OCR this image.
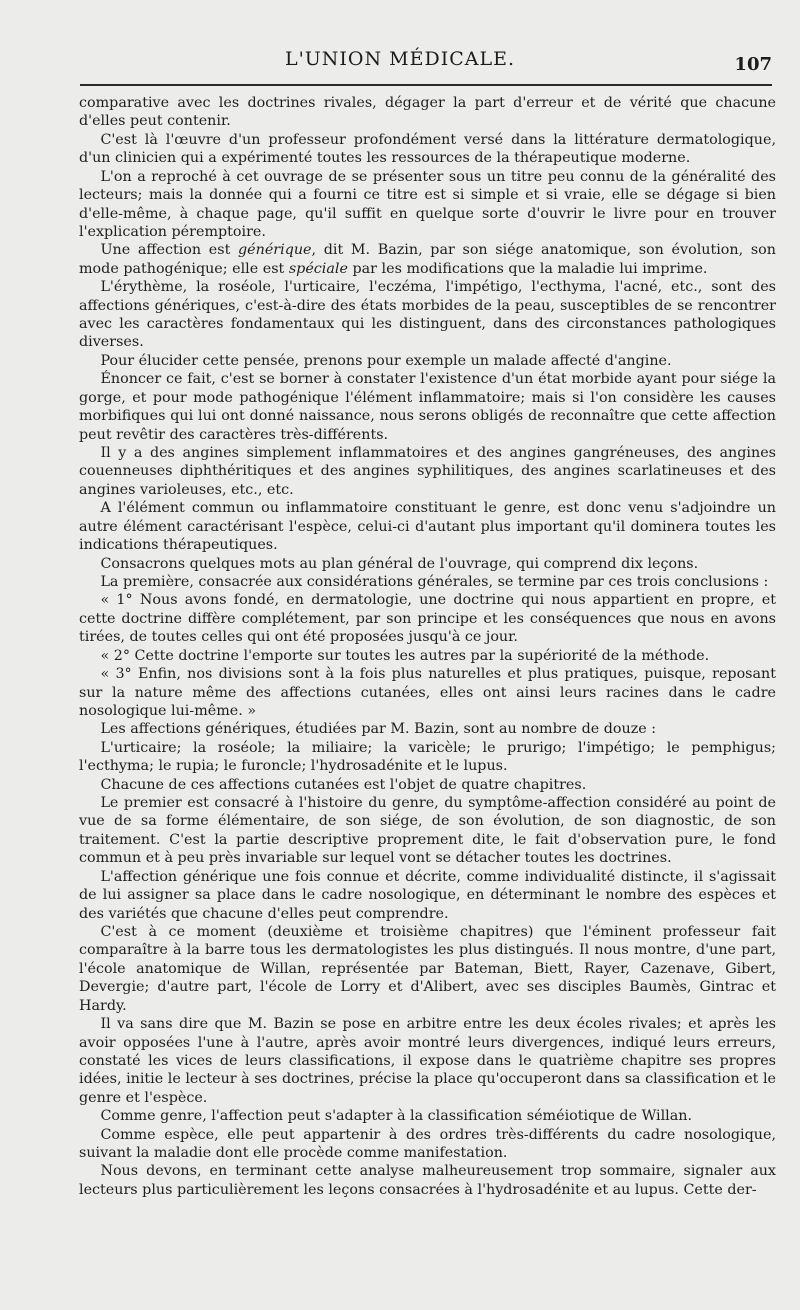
L'UNION MÉDICALE.	107

comparative avec les doctrines rivales, dégager la part d'erreur et de vérité que chacune d'elles peut contenir.

C'est là l'œuvre d'un professeur profondément versé dans la littérature dermatologique, d'un clinicien qui a expérimenté toutes les ressources de la thérapeutique moderne.

L'on a reproché à cet ouvrage de se présenter sous un titre peu connu de la généralité des lecteurs; mais la donnée qui a fourni ce titre est si simple et si vraie, elle se dégage si bien d'elle-même, à chaque page, qu'il suffit en quelque sorte d'ouvrir le livre pour en trouver l'explication péremptoire.

Une affection est générique, dit M. Bazin, par son siége anatomique, son évolution, son mode pathogénique; elle est spéciale par les modifications que la maladie lui imprime.

L'érythème, la roséole, l'urticaire, l'eczéma, l'impétigo, l'ecthyma, l'acné, etc., sont des affections génériques, c'est-à-dire des états morbides de la peau, susceptibles de se rencontrer avec les caractères fondamentaux qui les distinguent, dans des circonstances pathologiques diverses.

Pour élucider cette pensée, prenons pour exemple un malade affecté d'angine.

Énoncer ce fait, c'est se borner à constater l'existence d'un état morbide ayant pour siége la gorge, et pour mode pathogénique l'élément inflammatoire; mais si l'on considère les causes morbifiques qui lui ont donné naissance, nous serons obligés de reconnaître que cette affection peut revêtir des caractères très-différents.

Il y a des angines simplement inflammatoires et des angines gangréneuses, des angines couenneuses diphthéritiques et des angines syphilitiques, des angines scarlatineuses et des angines varioleuses, etc., etc.

A l'élément commun ou inflammatoire constituant le genre, est donc venu s'adjoindre un autre élément caractérisant l'espèce, celui-ci d'autant plus important qu'il dominera toutes les indications thérapeutiques.

Consacrons quelques mots au plan général de l'ouvrage, qui comprend dix leçons.

La première, consacrée aux considérations générales, se termine par ces trois conclusions :

« 1° Nous avons fondé, en dermatologie, une doctrine qui nous appartient en propre, et cette doctrine diffère complétement, par son principe et les conséquences que nous en avons tirées, de toutes celles qui ont été proposées jusqu'à ce jour.

« 2° Cette doctrine l'emporte sur toutes les autres par la supériorité de la méthode.

« 3° Enfin, nos divisions sont à la fois plus naturelles et plus pratiques, puisque, reposant sur la nature même des affections cutanées, elles ont ainsi leurs racines dans le cadre nosologique lui-même. »

Les affections génériques, étudiées par M. Bazin, sont au nombre de douze :

L'urticaire; la roséole; la miliaire; la varicèle; le prurigo; l'impétigo; le pemphigus; l'ecthyma; le rupia; le furoncle; l'hydrosadénite et le lupus.

Chacune de ces affections cutanées est l'objet de quatre chapitres.

Le premier est consacré à l'histoire du genre, du symptôme-affection considéré au point de vue de sa forme élémentaire, de son siége, de son évolution, de son diagnostic, de son traitement. C'est la partie descriptive proprement dite, le fait d'observation pure, le fond commun et à peu près invariable sur lequel vont se détacher toutes les doctrines.

L'affection générique une fois connue et décrite, comme individualité distincte, il s'agissait de lui assigner sa place dans le cadre nosologique, en déterminant le nombre des espèces et des variétés que chacune d'elles peut comprendre.

C'est à ce moment (deuxième et troisième chapitres) que l'éminent professeur fait comparaître à la barre tous les dermatologistes les plus distingués. Il nous montre, d'une part, l'école anatomique de Willan, représentée par Bateman, Biett, Rayer, Cazenave, Gibert, Devergie; d'autre part, l'école de Lorry et d'Alibert, avec ses disciples Baumès, Gintrac et Hardy.

Il va sans dire que M. Bazin se pose en arbitre entre les deux écoles rivales; et après les avoir opposées l'une à l'autre, après avoir montré leurs divergences, indiqué leurs erreurs, constaté les vices de leurs classifications, il expose dans le quatrième chapitre ses propres idées, initie le lecteur à ses doctrines, précise la place qu'occuperont dans sa classification et le genre et l'espèce.

Comme genre, l'affection peut s'adapter à la classification séméiotique de Willan.

Comme espèce, elle peut appartenir à des ordres très-différents du cadre nosologique, suivant la maladie dont elle procède comme manifestation.

Nous devons, en terminant cette analyse malheureusement trop sommaire, signaler aux lecteurs plus particulièrement les leçons consacrées à l'hydrosadénite et au lupus. Cette der-
